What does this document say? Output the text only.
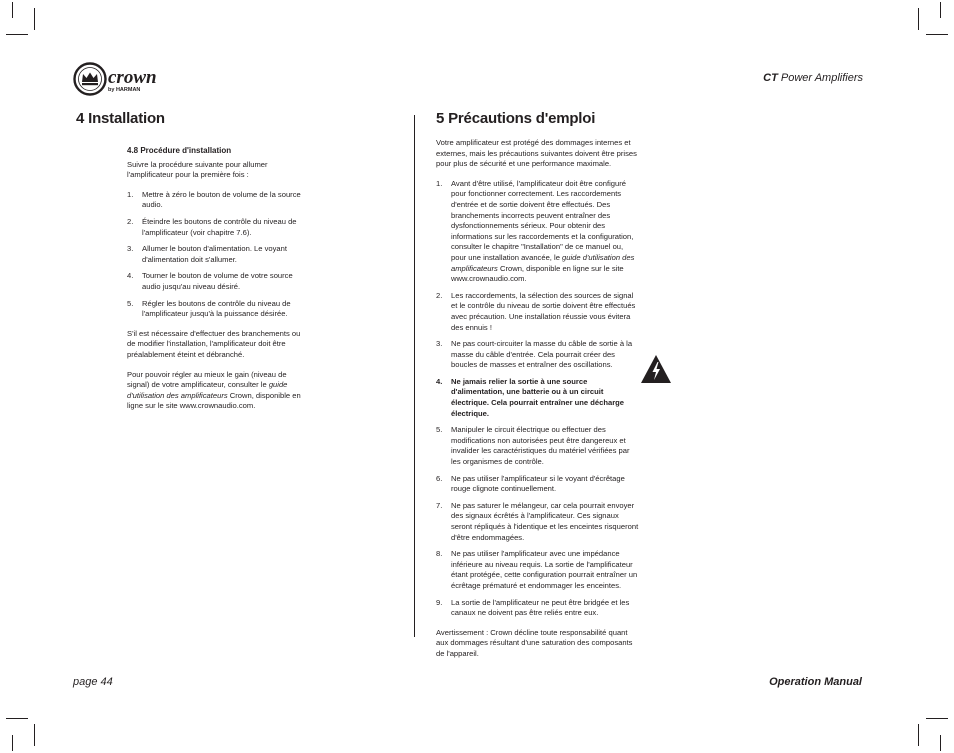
crown
by HARMAN
CT Power Amplifiers
4 Installation	5 Précautions d'emploi
4.8 Procédure d'installation
Suivre la procédure suivante pour allumer l'amplificateur pour la première fois :
1. Mettre à zéro le bouton de volume de la source audio.
2. Éteindre les boutons de contrôle du niveau de l'amplificateur (voir chapitre 7.6).
3. Allumer le bouton d'alimentation. Le voyant d'alimentation doit s'allumer.
4. Tourner le bouton de volume de votre source audio jusqu'au niveau désiré.
5. Régler les boutons de contrôle du niveau de l'amplificateur jusqu'à la puissance désirée.
S'il est nécessaire d'effectuer des branchements ou de modifier l'installation, l'amplificateur doit être préalablement éteint et débranché.
Pour pouvoir régler au mieux le gain (niveau de signal) de votre amplificateur, consulter le guide d'utilisation des amplificateurs Crown, disponible en ligne sur le site www.crownaudio.com.
Votre amplificateur est protégé des dommages internes et externes, mais les précautions suivantes doivent être prises pour plus de sécurité et une performance maximale.
1. Avant d'être utilisé, l'amplificateur doit être configuré pour fonctionner correctement. Les raccordements d'entrée et de sortie doivent être effectués. Des branchements incorrects peuvent entraîner des dysfonctionnements sérieux. Pour obtenir des informations sur les raccordements et la configuration, consulter le chapitre "Installation" de ce manuel ou, pour une installation avancée, le guide d'utilisation des amplificateurs Crown, disponible en ligne sur le site www.crownaudio.com.
2. Les raccordements, la sélection des sources de signal et le contrôle du niveau de sortie doivent être effectués avec précaution. Une installation réussie vous évitera des ennuis !
3. Ne pas court-circuiter la masse du câble de sortie à la masse du câble d'entrée. Cela pourrait créer des boucles de masses et entraîner des oscillations.
4. Ne jamais relier la sortie à une source d'alimentation, une batterie ou à un circuit électrique. Cela pourrait entraîner une décharge électrique.
5. Manipuler le circuit électrique ou effectuer des modifications non autorisées peut être dangereux et invalider les caractéristiques du matériel vérifiées par les organismes de contrôle.
6. Ne pas utiliser l'amplificateur si le voyant d'écrêtage rouge clignote continuellement.
7. Ne pas saturer le mélangeur, car cela pourrait envoyer des signaux écrêtés à l'amplificateur. Ces signaux seront répliqués à l'identique et les enceintes risqueront d'être endommagées.
8. Ne pas utiliser l'amplificateur avec une impédance inférieure au niveau requis. La sortie de l'amplificateur étant protégée, cette configuration pourrait entraîner un écrêtage prématuré et endommager les enceintes.
9. La sortie de l'amplificateur ne peut être bridgée et les canaux ne doivent pas être reliés entre eux.
Avertissement : Crown décline toute responsabilité quant aux dommages résultant d'une saturation des composants de l'appareil.
page 44	Operation Manual
